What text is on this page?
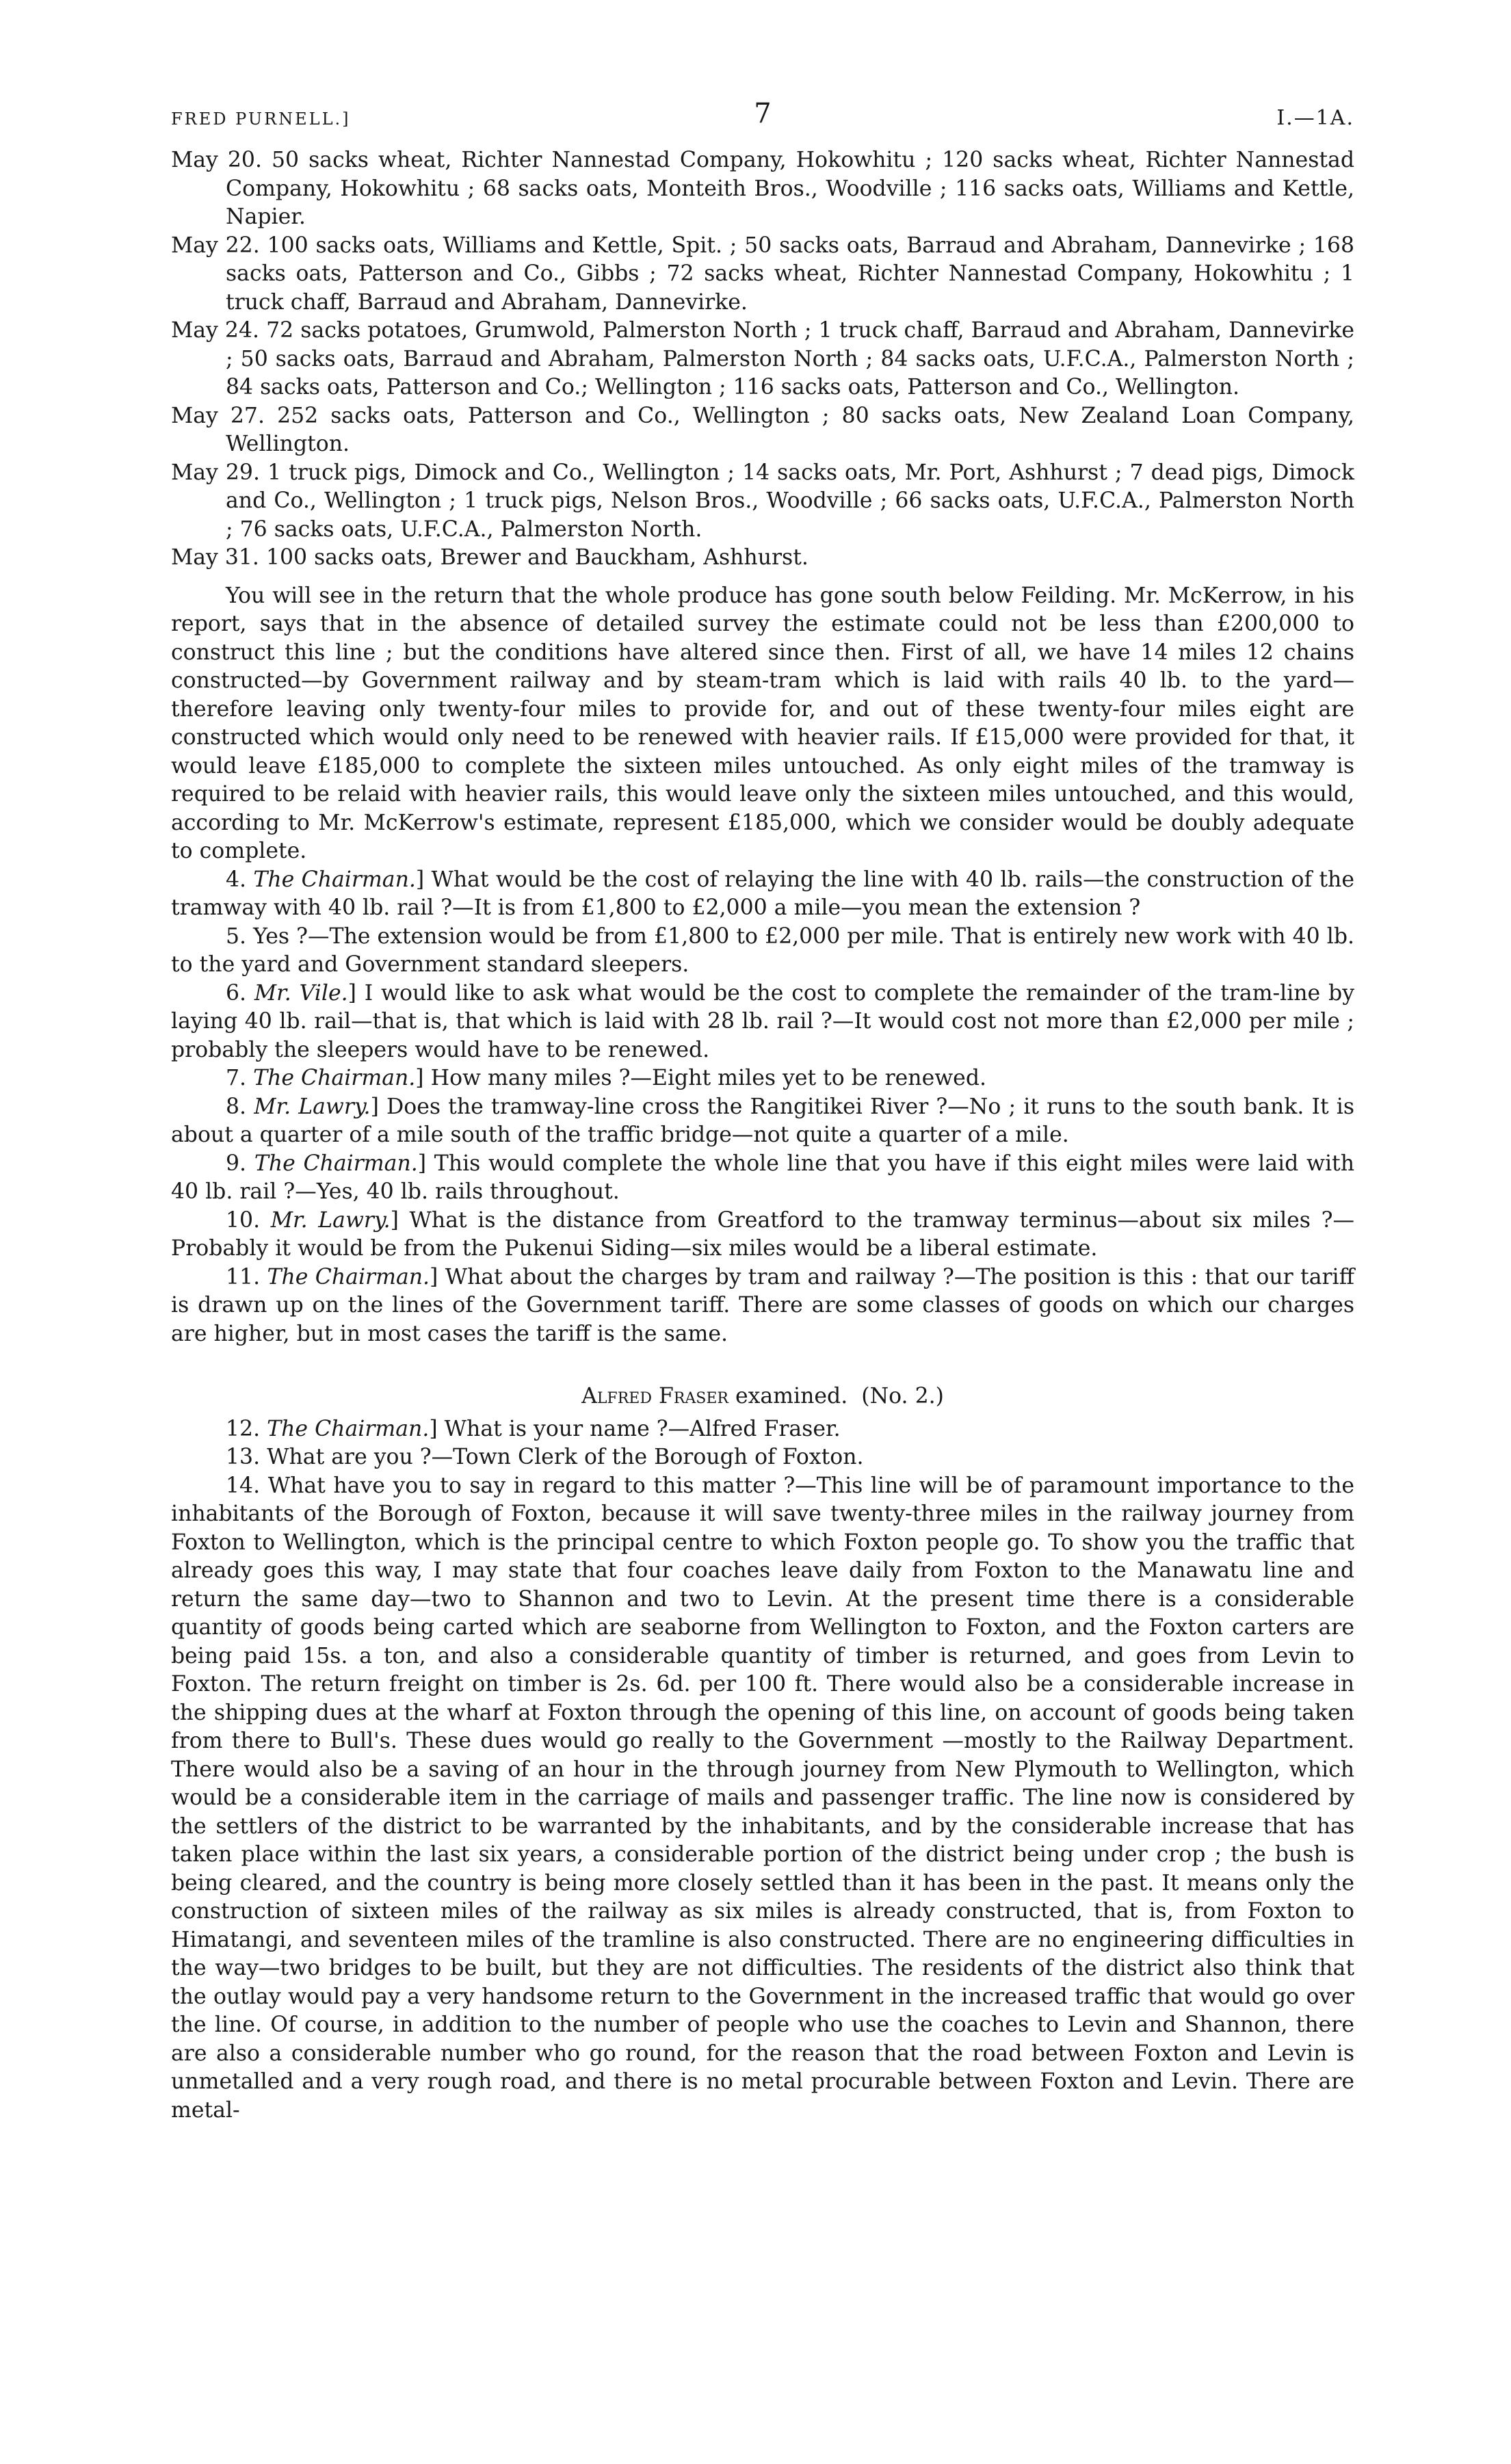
FRED PURNELL.]	7	I.—1A.

May 20. 50 sacks wheat, Richter Nannestad Company, Hokowhitu ; 120 sacks wheat, Richter Nannestad Company, Hokowhitu ; 68 sacks oats, Monteith Bros., Woodville ; 116 sacks oats, Williams and Kettle, Napier.

May 22. 100 sacks oats, Williams and Kettle, Spit. ; 50 sacks oats, Barraud and Abraham, Dannevirke ; 168 sacks oats, Patterson and Co., Gibbs ; 72 sacks wheat, Richter Nannestad Company, Hokowhitu ; 1 truck chaff, Barraud and Abraham, Dannevirke.

May 24. 72 sacks potatoes, Grumwold, Palmerston North ; 1 truck chaff, Barraud and Abraham, Dannevirke ; 50 sacks oats, Barraud and Abraham, Palmerston North ; 84 sacks oats, U.F.C.A., Palmerston North ; 84 sacks oats, Patterson and Co.; Wellington ; 116 sacks oats, Patterson and Co., Wellington.

May 27. 252 sacks oats, Patterson and Co., Wellington ; 80 sacks oats, New Zealand Loan Company, Wellington.

May 29. 1 truck pigs, Dimock and Co., Wellington ; 14 sacks oats, Mr. Port, Ashhurst ; 7 dead pigs, Dimock and Co., Wellington ; 1 truck pigs, Nelson Bros., Woodville ; 66 sacks oats, U.F.C.A., Palmerston North ; 76 sacks oats, U.F.C.A., Palmerston North.

May 31. 100 sacks oats, Brewer and Bauckham, Ashhurst.

You will see in the return that the whole produce has gone south below Feilding. Mr. McKerrow, in his report, says that in the absence of detailed survey the estimate could not be less than £200,000 to construct this line ; but the conditions have altered since then. First of all, we have 14 miles 12 chains constructed—by Government railway and by steam-tram which is laid with rails 40 lb. to the yard—therefore leaving only twenty-four miles to provide for, and out of these twenty-four miles eight are constructed which would only need to be renewed with heavier rails. If £15,000 were provided for that, it would leave £185,000 to complete the sixteen miles untouched. As only eight miles of the tramway is required to be relaid with heavier rails, this would leave only the sixteen miles untouched, and this would, according to Mr. McKerrow's estimate, represent £185,000, which we consider would be doubly adequate to complete.

4. The Chairman.] What would be the cost of relaying the line with 40 lb. rails—the construction of the tramway with 40 lb. rail ?—It is from £1,800 to £2,000 a mile—you mean the extension ?

5. Yes ?—The extension would be from £1,800 to £2,000 per mile. That is entirely new work with 40 lb. to the yard and Government standard sleepers.

6. Mr. Vile.] I would like to ask what would be the cost to complete the remainder of the tram-line by laying 40 lb. rail—that is, that which is laid with 28 lb. rail ?—It would cost not more than £2,000 per mile ; probably the sleepers would have to be renewed.

7. The Chairman.] How many miles ?—Eight miles yet to be renewed.

8. Mr. Lawry.] Does the tramway-line cross the Rangitikei River ?—No ; it runs to the south bank. It is about a quarter of a mile south of the traffic bridge—not quite a quarter of a mile.

9. The Chairman.] This would complete the whole line that you have if this eight miles were laid with 40 lb. rail ?—Yes, 40 lb. rails throughout.

10. Mr. Lawry.] What is the distance from Greatford to the tramway terminus—about six miles ?—Probably it would be from the Pukenui Siding—six miles would be a liberal estimate.

11. The Chairman.] What about the charges by tram and railway ?—The position is this : that our tariff is drawn up on the lines of the Government tariff. There are some classes of goods on which our charges are higher, but in most cases the tariff is the same.

Alfred Fraser examined. (No. 2.)

12. The Chairman.] What is your name ?—Alfred Fraser.

13. What are you ?—Town Clerk of the Borough of Foxton.

14. What have you to say in regard to this matter ?—This line will be of paramount importance to the inhabitants of the Borough of Foxton, because it will save twenty-three miles in the railway journey from Foxton to Wellington, which is the principal centre to which Foxton people go. To show you the traffic that already goes this way, I may state that four coaches leave daily from Foxton to the Manawatu line and return the same day—two to Shannon and two to Levin. At the present time there is a considerable quantity of goods being carted which are seaborne from Wellington to Foxton, and the Foxton carters are being paid 15s. a ton, and also a considerable quantity of timber is returned, and goes from Levin to Foxton. The return freight on timber is 2s. 6d. per 100 ft. There would also be a considerable increase in the shipping dues at the wharf at Foxton through the opening of this line, on account of goods being taken from there to Bull's. These dues would go really to the Government —mostly to the Railway Department. There would also be a saving of an hour in the through journey from New Plymouth to Wellington, which would be a considerable item in the carriage of mails and passenger traffic. The line now is considered by the settlers of the district to be warranted by the inhabitants, and by the considerable increase that has taken place within the last six years, a considerable portion of the district being under crop ; the bush is being cleared, and the country is being more closely settled than it has been in the past. It means only the construction of sixteen miles of the railway as six miles is already constructed, that is, from Foxton to Himatangi, and seventeen miles of the tramline is also constructed. There are no engineering difficulties in the way—two bridges to be built, but they are not difficulties. The residents of the district also think that the outlay would pay a very handsome return to the Government in the increased traffic that would go over the line. Of course, in addition to the number of people who use the coaches to Levin and Shannon, there are also a considerable number who go round, for the reason that the road between Foxton and Levin is unmetalled and a very rough road, and there is no metal procurable between Foxton and Levin. There are metal-
